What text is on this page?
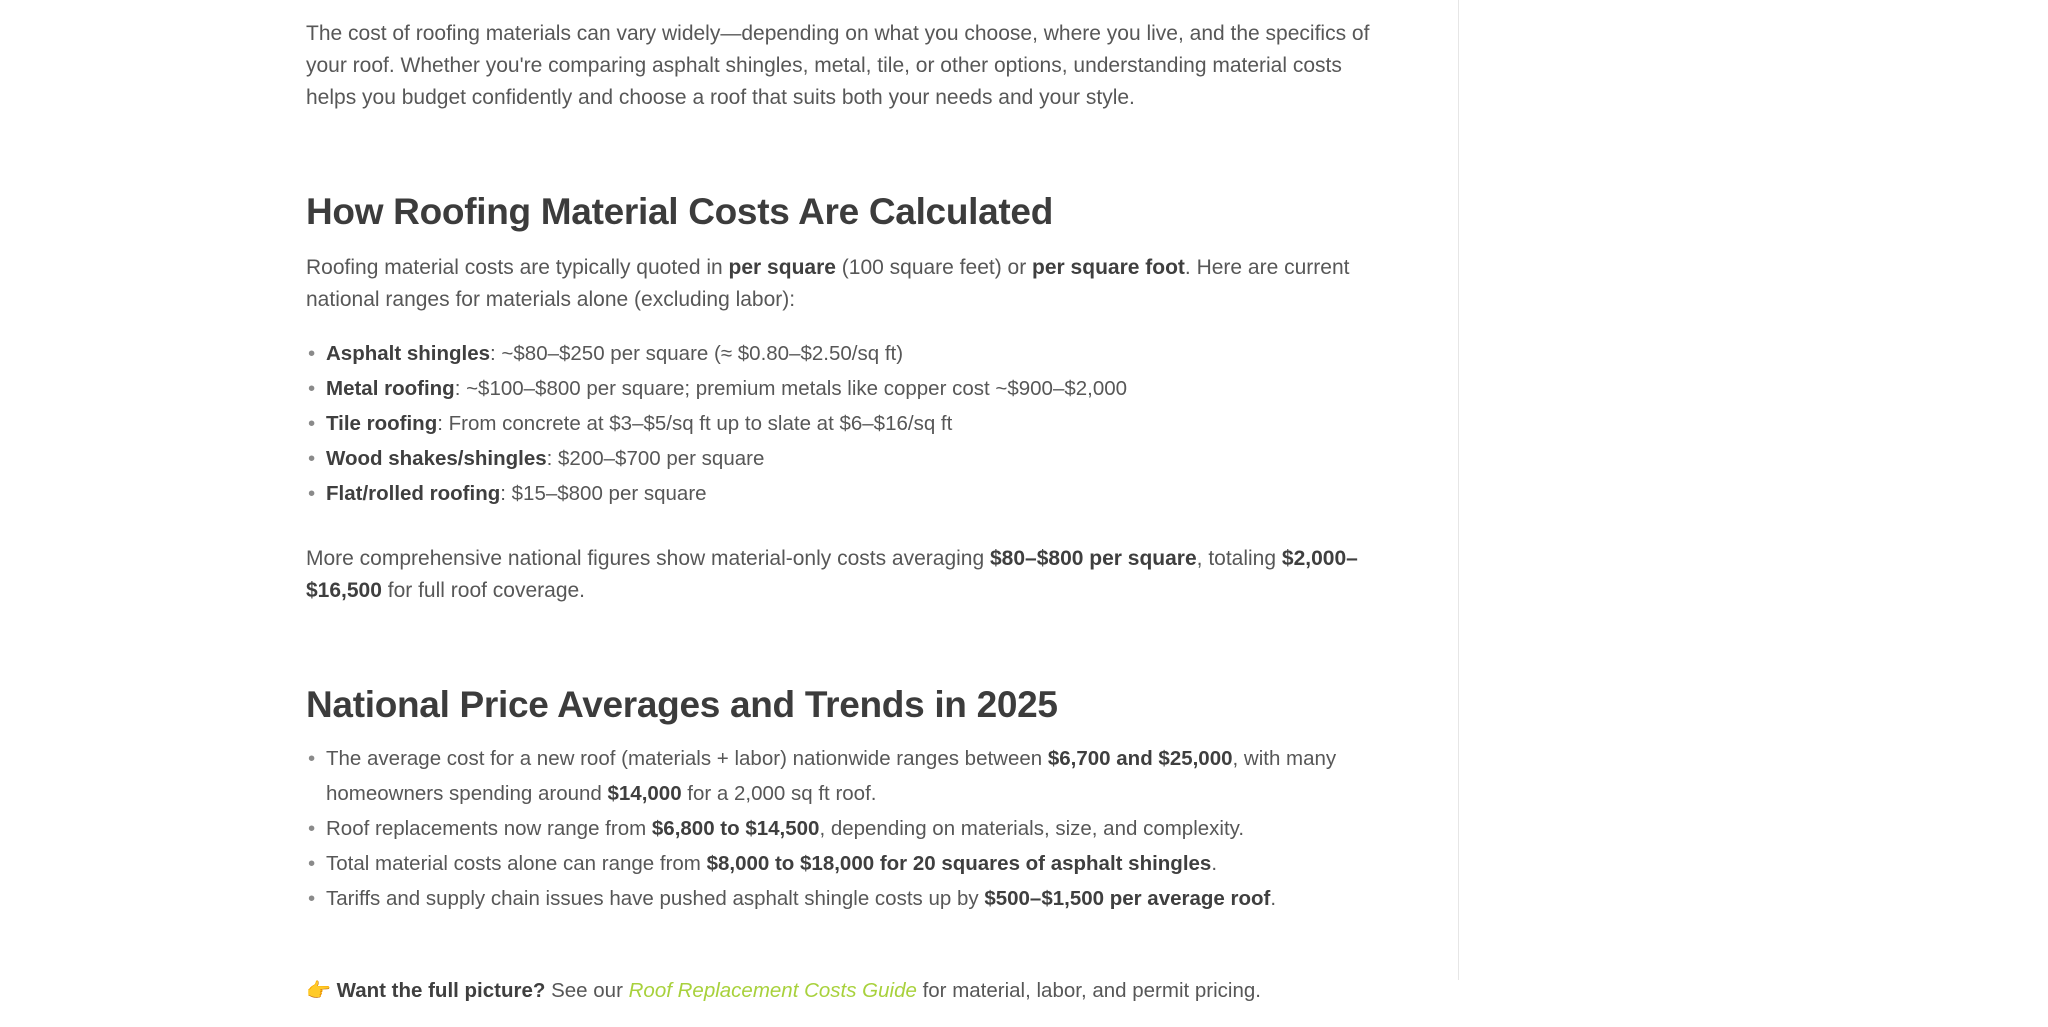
The cost of roofing materials can vary widely—depending on what you choose, where you live, and the specifics of your roof. Whether you're comparing asphalt shingles, metal, tile, or other options, understanding material costs helps you budget confidently and choose a roof that suits both your needs and your style.

How Roofing Material Costs Are Calculated

Roofing material costs are typically quoted in per square (100 square feet) or per square foot. Here are current national ranges for materials alone (excluding labor):

• Asphalt shingles: ~$80–$250 per square (≈ $0.80–$2.50/sq ft)
• Metal roofing: ~$100–$800 per square; premium metals like copper cost ~$900–$2,000
• Tile roofing: From concrete at $3–$5/sq ft up to slate at $6–$16/sq ft
• Wood shakes/shingles: $200–$700 per square
• Flat/rolled roofing: $15–$800 per square

More comprehensive national figures show material-only costs averaging $80–$800 per square, totaling $2,000–$16,500 for full roof coverage.

National Price Averages and Trends in 2025
• The average cost for a new roof (materials + labor) nationwide ranges between $6,700 and $25,000, with many homeowners spending around $14,000 for a 2,000 sq ft roof.
• Roof replacements now range from $6,800 to $14,500, depending on materials, size, and complexity.
• Total material costs alone can range from $8,000 to $18,000 for 20 squares of asphalt shingles.
• Tariffs and supply chain issues have pushed asphalt shingle costs up by $500–$1,500 per average roof.

👉 Want the full picture? See our Roof Replacement Costs Guide for material, labor, and permit pricing.
